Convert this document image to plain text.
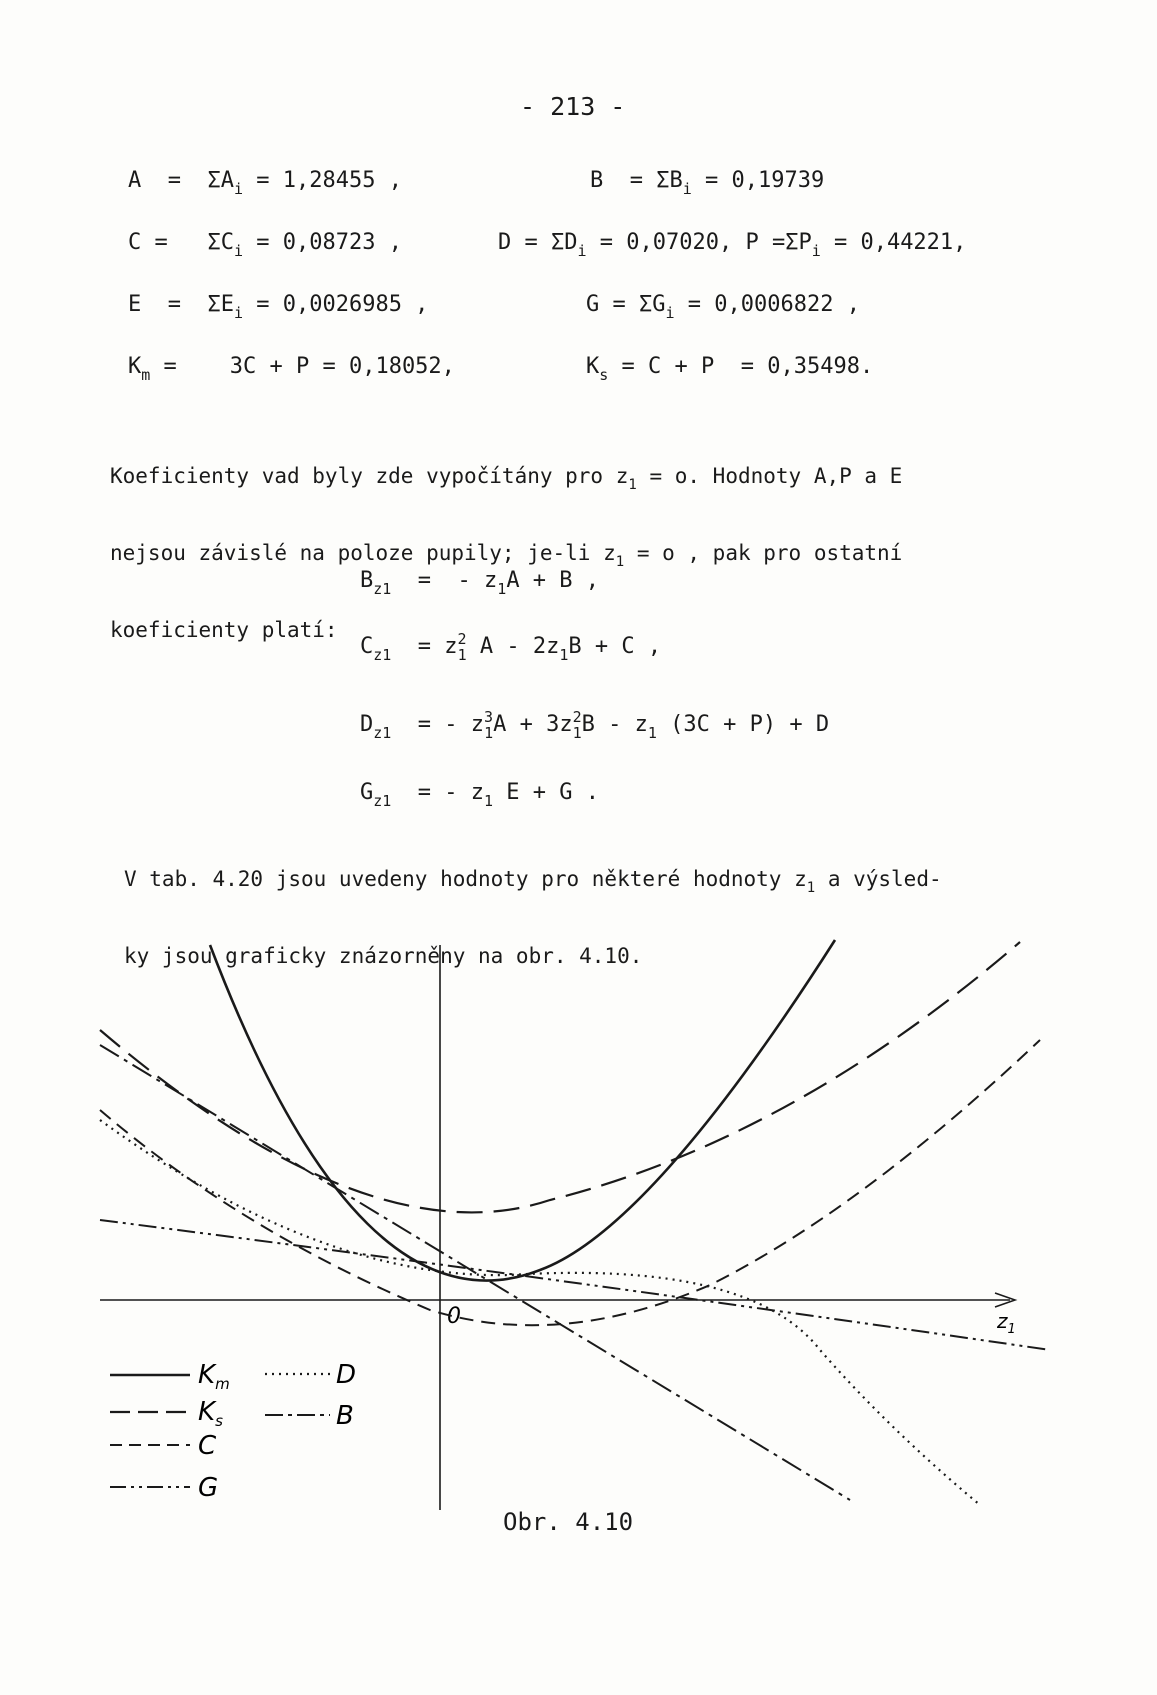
- 213 -
$A = \Sigma A_i = 1,28455$ ,	$B = \Sigma B_i = 0,19739$
$C = \Sigma C_i = 0,08723$ ,	$D = \Sigma D_i = 0,07020$, $P =\Sigma P_i = 0,44221$,
$E = \Sigma E_i = 0,0026985$ ,	$G = \Sigma G_i = 0,0006822$ ,
$K_m$ =    3C + P = 0,18052,	$K_s = C + P = 0,35498$.

Koeficienty vad byly zde vypočítány pro $z_1 = o$. Hodnoty A,P a E

nejsou závislé na poloze pupily; je-li $z_1 = o$ , pak pro ostatní

koeficienty platí:

$B_{z1}$  =  - $z_1A + B$ ,
$C_{z1} = z^2_1$ $A - 2z_1B + C$ ,
$D_{z1}$  = - $z^3_1A + 3z^2_1B - z_1$ (3C + P) + D
$G_{z1}$  = - $z_1$ E + G .

V tab. 4.20 jsou uvedeny hodnoty pro některé hodnoty $z_1$ a výsled-

ky jsou graficky znázorněny na obr. 4.10.

0	$z_1$
$K_m$
$K_s$
C
G
D
B
Obr. 4.10
